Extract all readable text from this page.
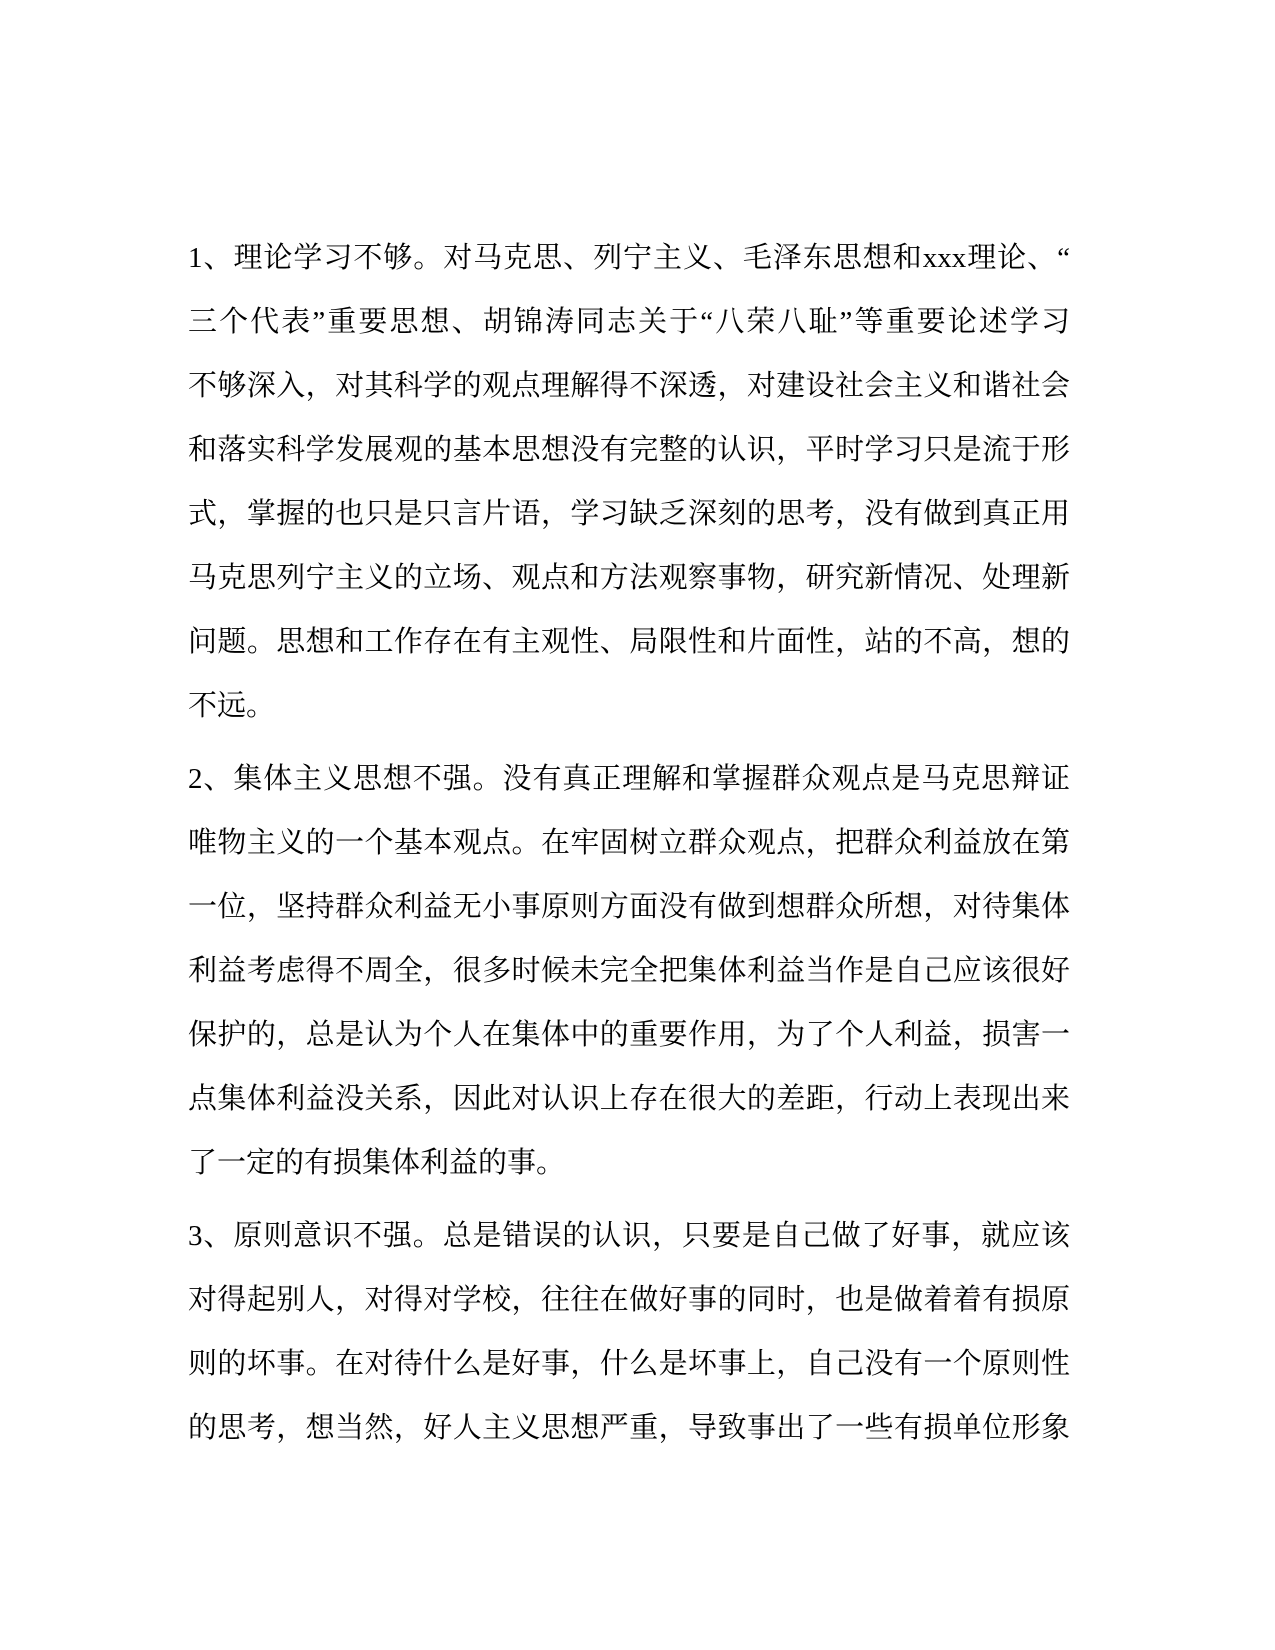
1、理论学习不够。对马克思、列宁主义、毛泽东思想和xxx理论、“
三个代表”重要思想、胡锦涛同志关于“八荣八耻”等重要论述学习
不够深入，对其科学的观点理解得不深透，对建设社会主义和谐社会
和落实科学发展观的基本思想没有完整的认识，平时学习只是流于形
式，掌握的也只是只言片语，学习缺乏深刻的思考，没有做到真正用
马克思列宁主义的立场、观点和方法观察事物，研究新情况、处理新
问题。思想和工作存在有主观性、局限性和片面性，站的不高，想的
不远。
2、集体主义思想不强。没有真正理解和掌握群众观点是马克思辩证
唯物主义的一个基本观点。在牢固树立群众观点，把群众利益放在第
一位，坚持群众利益无小事原则方面没有做到想群众所想，对待集体
利益考虑得不周全，很多时候未完全把集体利益当作是自己应该很好
保护的，总是认为个人在集体中的重要作用，为了个人利益，损害一
点集体利益没关系，因此对认识上存在很大的差距，行动上表现出来
了一定的有损集体利益的事。
3、原则意识不强。总是错误的认识，只要是自己做了好事，就应该
对得起别人，对得对学校，往往在做好事的同时，也是做着着有损原
则的坏事。在对待什么是好事，什么是坏事上，自己没有一个原则性
的思考，想当然，好人主义思想严重，导致事出了一些有损单位形象
